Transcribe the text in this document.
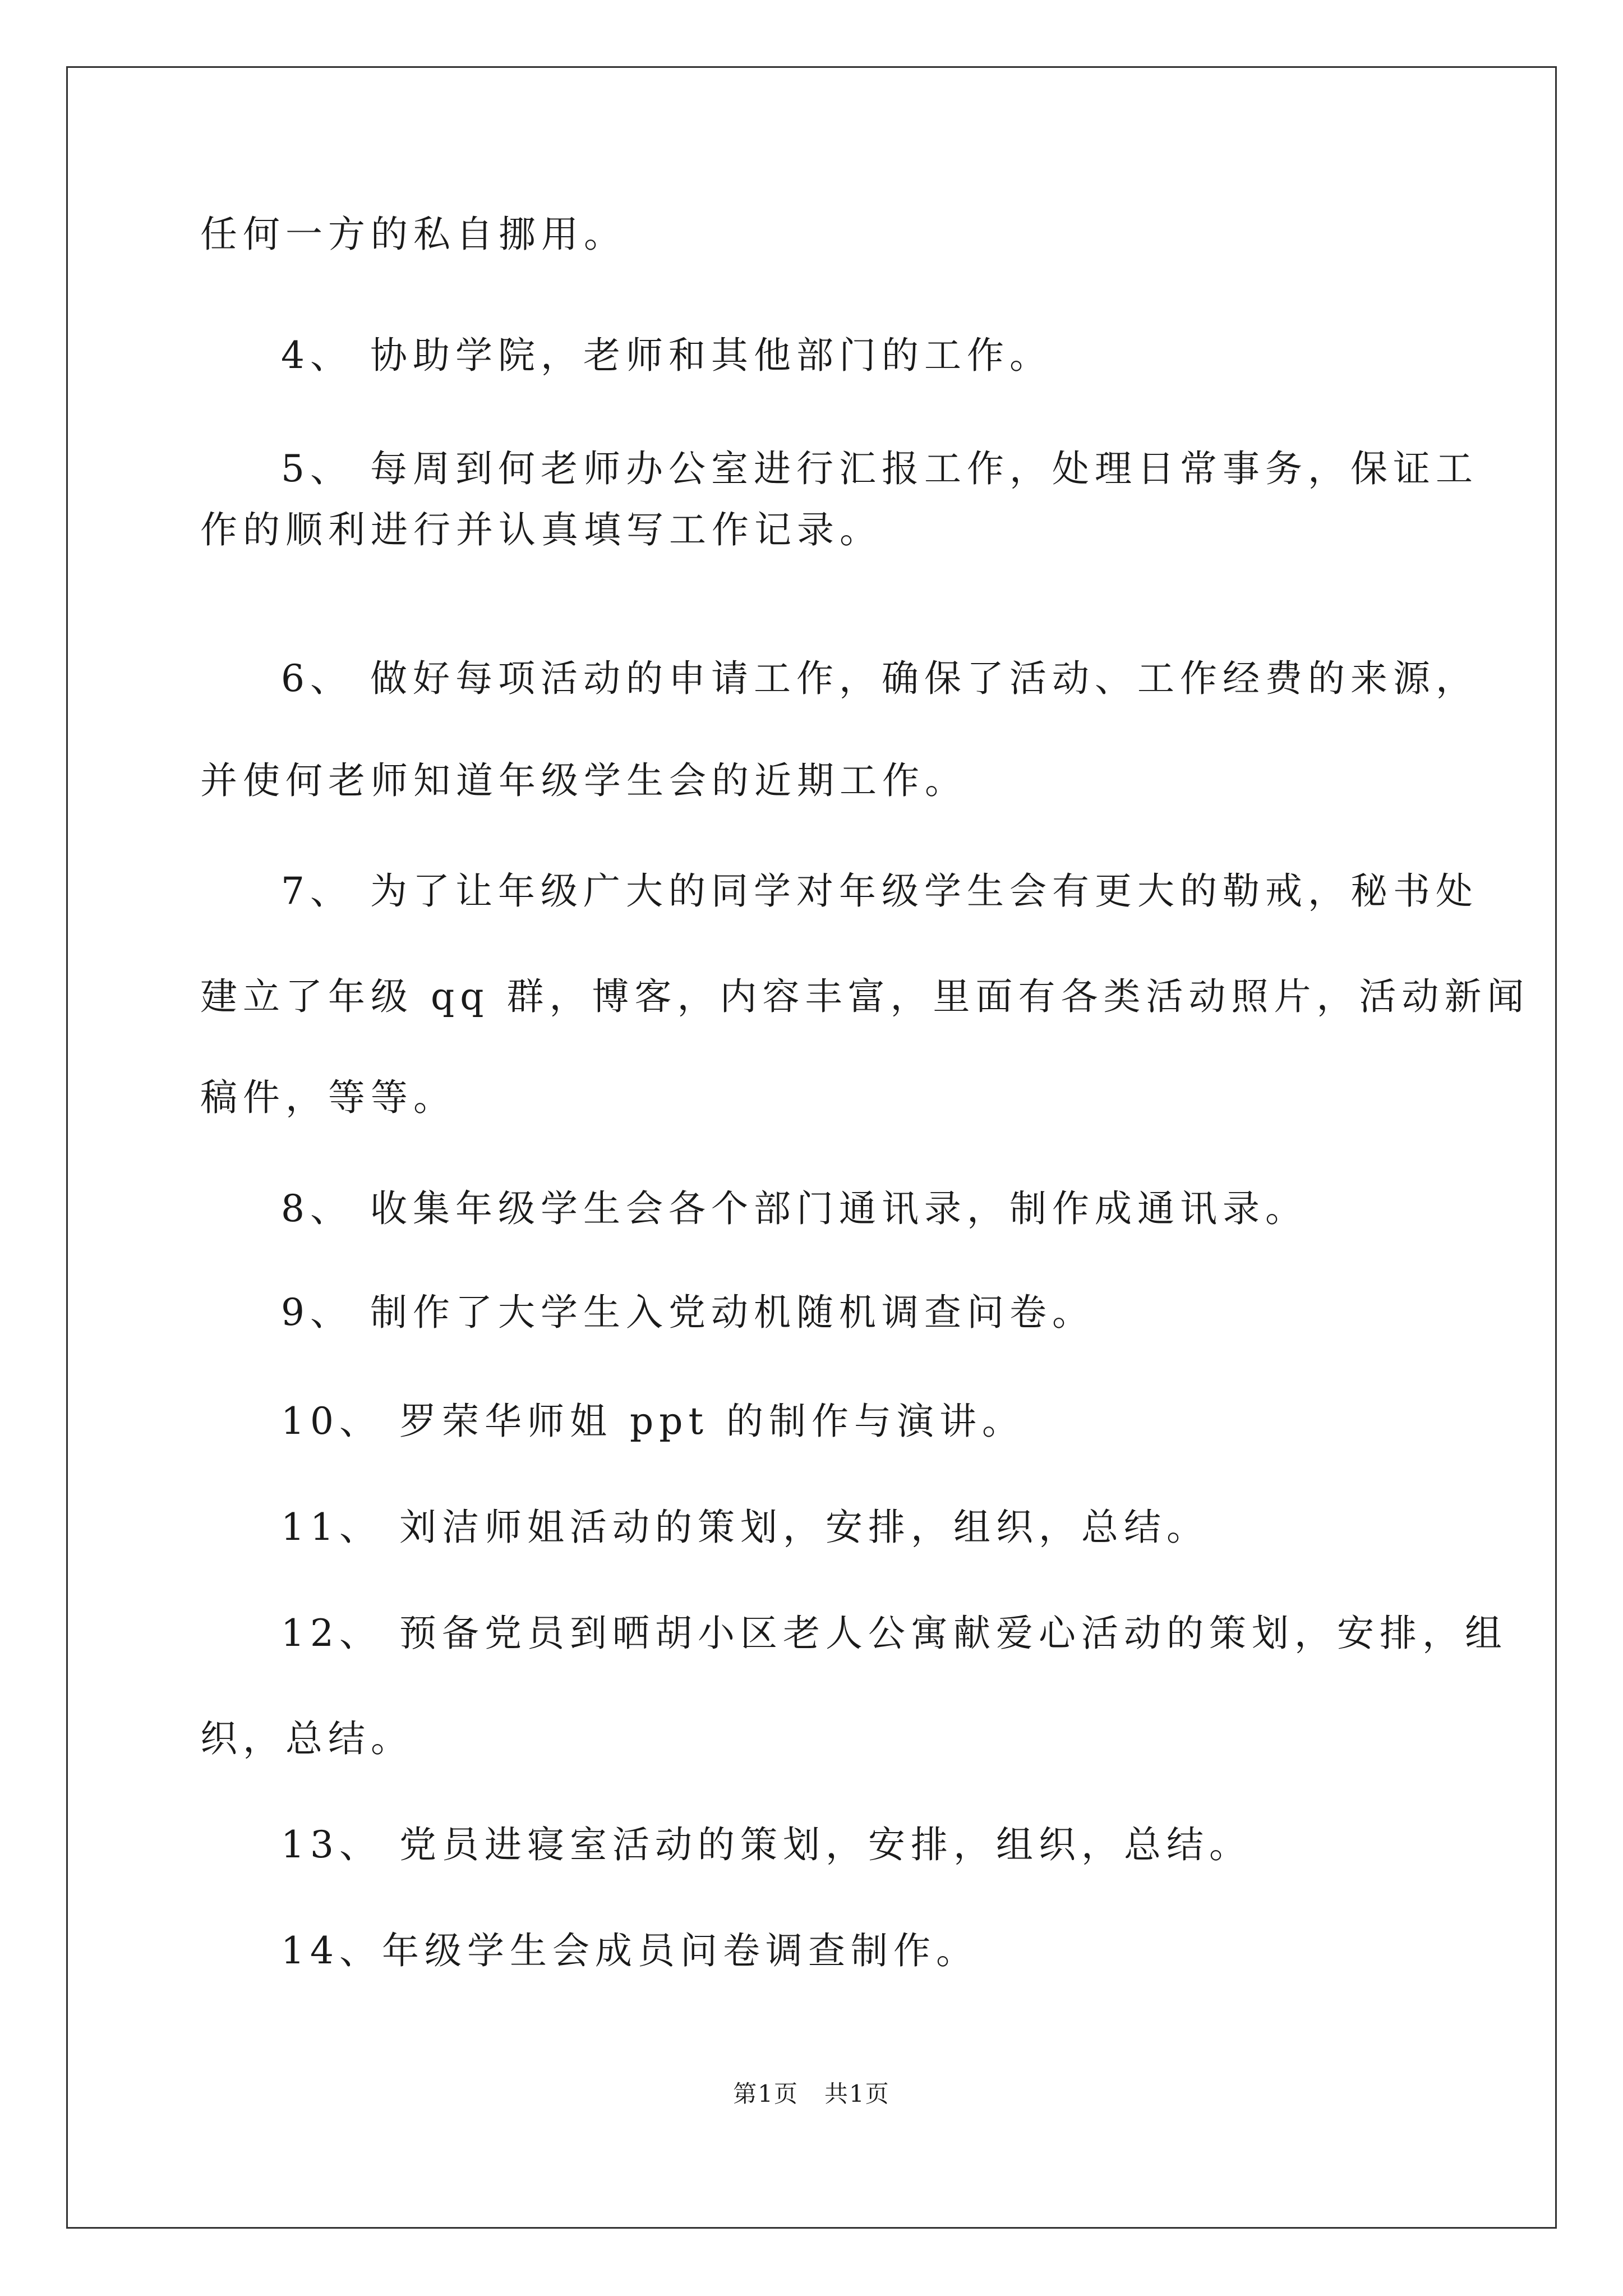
任何一方的私自挪用。
4、 协助学院，老师和其他部门的工作。
5、 每周到何老师办公室进行汇报工作，处理日常事务，保证工
作的顺利进行并认真填写工作记录。
6、 做好每项活动的申请工作，确保了活动、工作经费的来源，
并使何老师知道年级学生会的近期工作。
7、 为了让年级广大的同学对年级学生会有更大的勒戒，秘书处
建立了年级 qq 群，博客，内容丰富，里面有各类活动照片，活动新闻
稿件，等等。
8、 收集年级学生会各个部门通讯录，制作成通讯录。
9、 制作了大学生入党动机随机调查问卷。
10、 罗荣华师姐 ppt 的制作与演讲。
11、 刘洁师姐活动的策划，安排，组织，总结。
12、 预备党员到晒胡小区老人公寓献爱心活动的策划，安排，组
织，总结。
13、 党员进寝室活动的策划，安排，组织，总结。
14、年级学生会成员问卷调查制作。
第1页   共1页
